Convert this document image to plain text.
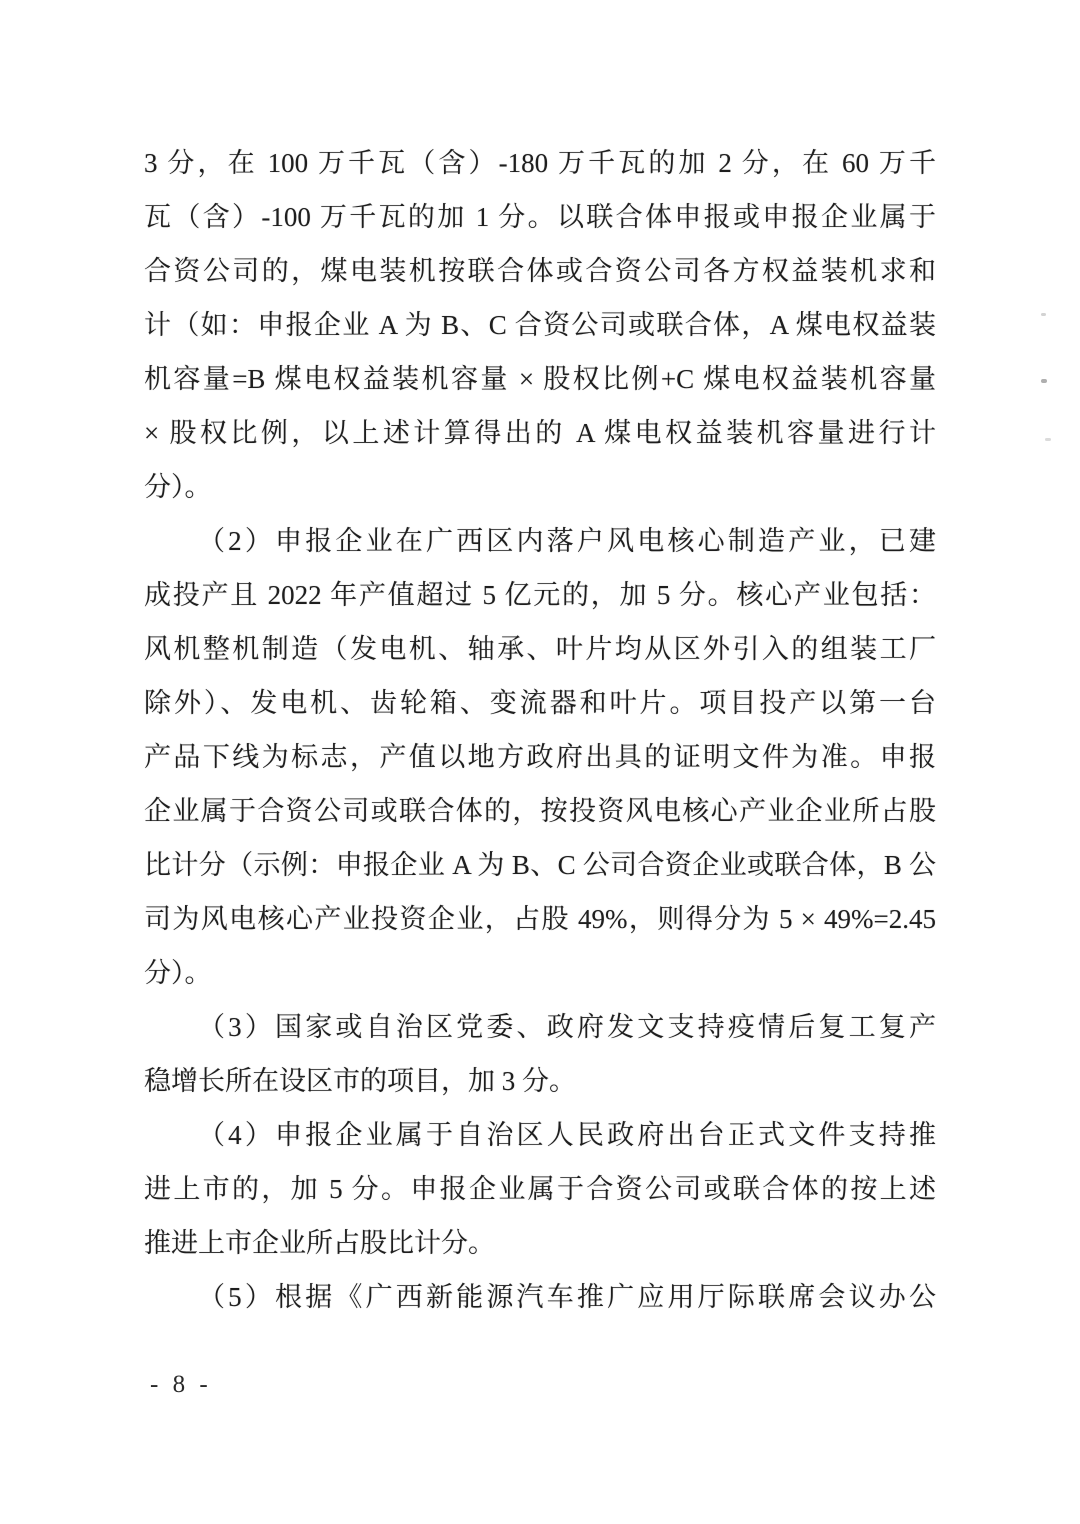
3 分，在 100 万千瓦（含）-180 万千瓦的加 2 分，在 60 万千
瓦（含）-100 万千瓦的加 1 分。以联合体申报或申报企业属于
合资公司的，煤电装机按联合体或合资公司各方权益装机求和
计（如：申报企业 A 为 B、C 合资公司或联合体，A 煤电权益装
机容量=B 煤电权益装机容量 × 股权比例+C 煤电权益装机容量
× 股权比例，以上述计算得出的 A 煤电权益装机容量进行计
分）。
（2）申报企业在广西区内落户风电核心制造产业，已建
成投产且 2022 年产值超过 5 亿元的，加 5 分。核心产业包括：
风机整机制造（发电机、轴承、叶片均从区外引入的组装工厂
除外）、发电机、齿轮箱、变流器和叶片。项目投产以第一台
产品下线为标志，产值以地方政府出具的证明文件为准。申报
企业属于合资公司或联合体的，按投资风电核心产业企业所占股
比计分（示例：申报企业 A 为 B、C 公司合资企业或联合体，B 公
司为风电核心产业投资企业，占股 49%，则得分为 5 × 49%=2.45
分）。
（3）国家或自治区党委、政府发文支持疫情后复工复产
稳增长所在设区市的项目，加 3 分。
（4）申报企业属于自治区人民政府出台正式文件支持推
进上市的，加 5 分。申报企业属于合资公司或联合体的按上述
推进上市企业所占股比计分。
（5）根据《广西新能源汽车推广应用厅际联席会议办公
- 8 -
